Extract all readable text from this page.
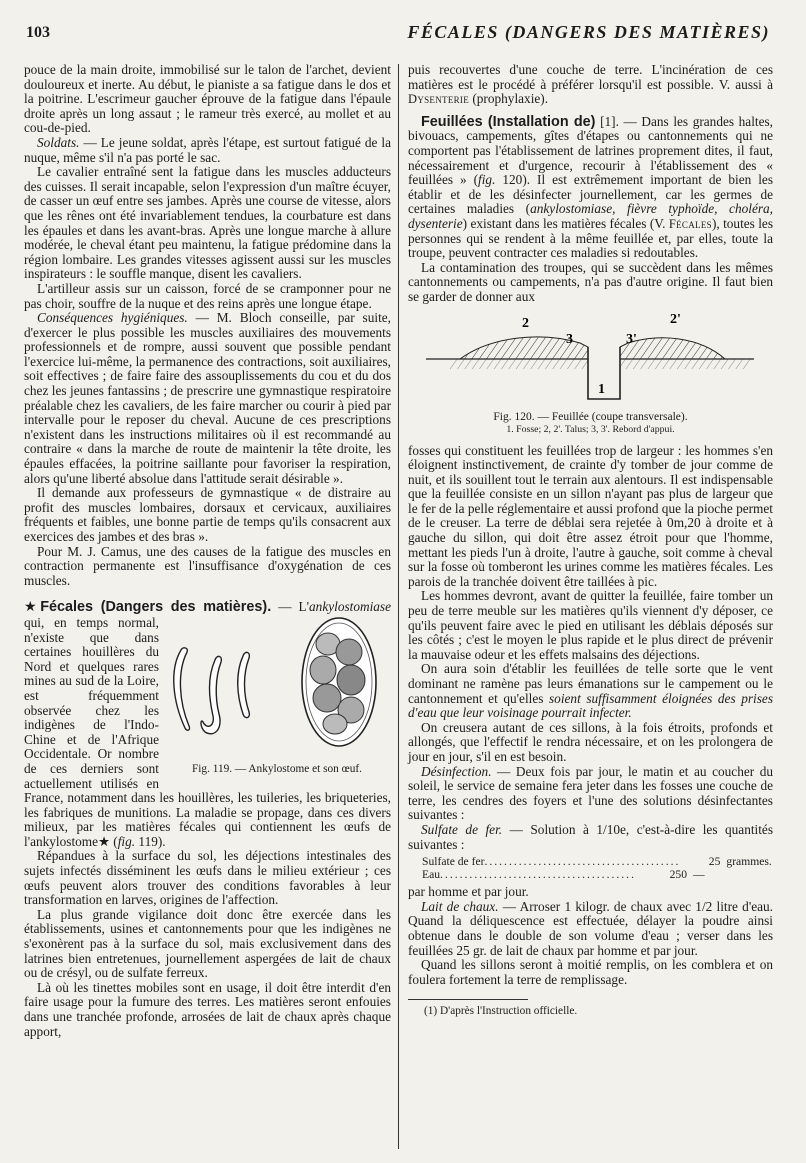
103	FÉCALES (DANGERS DES MATIÈRES)

pouce de la main droite, immobilisé sur le talon de l'archet, devient douloureux et inerte. Au début, le pianiste a sa fatigue dans le dos et la poitrine. L'escrimeur gaucher éprouve de la fatigue dans l'épaule droite après un long assaut ; le rameur très exercé, au mollet et au cou-de-pied.

Soldats. — Le jeune soldat, après l'étape, est surtout fatigué de la nuque, même s'il n'a pas porté le sac.

Le cavalier entraîné sent la fatigue dans les muscles adducteurs des cuisses. Il serait incapable, selon l'expression d'un maître écuyer, de casser un œuf entre ses jambes. Après une course de vitesse, alors que les rênes ont été invariablement tendues, la courbature est dans les épaules et dans les avant-bras. Après une longue marche à allure modérée, le cheval étant peu maintenu, la fatigue prédomine dans la région lombaire. Les grandes vitesses agissent aussi sur les muscles inspirateurs : le souffle manque, disent les cavaliers.

L'artilleur assis sur un caisson, forcé de se cramponner pour ne pas choir, souffre de la nuque et des reins après une longue étape.

Conséquences hygiéniques. — M. Bloch conseille, par suite, d'exercer le plus possible les muscles auxiliaires des mouvements professionnels et de rompre, aussi souvent que possible pendant l'exercice lui-même, la permanence des contractions, soit auxiliaires, soit effectives ; de faire faire des assouplissements du cou et du dos chez les jeunes fantassins ; de prescrire une gymnastique respiratoire préalable chez les cavaliers, de les faire marcher ou courir à pied par intervalle pour le reposer du cheval. Aucune de ces prescriptions n'existent dans les instructions militaires où il est recommandé au contraire « dans la marche de route de maintenir la tête droite, les épaules effacées, la poitrine saillante pour favoriser la respiration, alors qu'une liberté absolue dans l'attitude serait désirable ».

Il demande aux professeurs de gymnastique « de distraire au profit des muscles lombaires, dorsaux et cervicaux, auxiliaires fréquents et faibles, une bonne partie de temps qu'ils consacrent aux exercices des jambes et des bras ».

Pour M. J. Camus, une des causes de la fatigue des muscles en contraction permanente est l'insuffisance d'oxygénation de ces muscles.

★Fécales (Dangers des matières). — L'ankylostomiase
Fig. 119. — Ankylostome et son œuf.
qui, en temps normal, n'existe que dans certaines houillères du Nord et quelques rares mines au sud de la Loire, est fréquemment observée chez les indigènes de l'Indo-Chine et de l'Afrique Occidentale. Or nombre de ces derniers sont actuellement utilisés en France, notamment dans les houillères, les tuileries, les briqueteries, les fabriques de munitions. La maladie se propage, dans ces divers milieux, par les matières fécales qui contiennent les œufs de l'ankylostome★ (fig. 119).

Répandues à la surface du sol, les déjections intestinales des sujets infectés disséminent les œufs dans le milieu extérieur ; ces œufs peuvent alors trouver des conditions favorables à leur transformation en larves, origines de l'affection.

La plus grande vigilance doit donc être exercée dans les établissements, usines et cantonnements pour que les indigènes ne s'exonèrent pas à la surface du sol, mais exclusivement dans des latrines bien entretenues, journellement aspergées de lait de chaux ou de crésyl, ou de sulfate ferreux.

Là où les tinettes mobiles sont en usage, il doit être interdit d'en faire usage pour la fumure des terres. Les matières seront enfouies dans une tranchée profonde, arrosées de lait de chaux après chaque apport,

puis recouvertes d'une couche de terre. L'incinération de ces matières est le procédé à préférer lorsqu'il est possible. V. aussi à Dysenterie (prophylaxie).

Feuillées (Installation de) [1]. — Dans les grandes haltes, bivouacs, campements, gîtes d'étapes ou cantonnements qui ne comportent pas l'établissement de latrines proprement dites, il faut, nécessairement et d'urgence, recourir à l'établissement des « feuillées » (fig. 120). Il est extrêmement important de bien les établir et de les désinfecter journellement, car les germes de certaines maladies (ankylostomiase, fièvre typhoïde, choléra, dysenterie) existant dans les matières fécales (V. Fécales), toutes les personnes qui se rendent à la même feuillée et, par elles, toute la troupe, peuvent contracter ces maladies si redoutables.

La contamination des troupes, qui se succèdent dans les mêmes cantonnements ou campements, n'a pas d'autre origine. Il faut bien se garder de donner aux

2
3	3'
2'
1

Fig. 120. — Feuillée (coupe transversale).

1. Fosse; 2, 2'. Talus; 3, 3'. Rebord d'appui.

fosses qui constituent les feuillées trop de largeur : les hommes s'en éloignent instinctivement, de crainte d'y tomber de jour comme de nuit, et ils souillent tout le terrain aux alentours. Il est indispensable que la feuillée consiste en un sillon n'ayant pas plus de largeur que le fer de la pelle réglementaire et aussi profond que la pioche permet de le creuser. La terre de déblai sera rejetée à 0m,20 à droite et à gauche du sillon, qui doit être assez étroit pour que l'homme, mettant les pieds l'un à droite, l'autre à gauche, soit comme à cheval sur la fosse où tomberont les urines comme les matières fécales. Les parois de la tranchée doivent être taillées à pic.

Les hommes devront, avant de quitter la feuillée, faire tomber un peu de terre meuble sur les matières qu'ils viennent d'y déposer, ce qu'ils peuvent faire avec le pied en utilisant les déblais déposés sur les côtés ; c'est le moyen le plus rapide et le plus direct de prévenir la mauvaise odeur et les effets malsains des déjections.

On aura soin d'établir les feuillées de telle sorte que le vent dominant ne ramène pas leurs émanations sur le campement ou le cantonnement et qu'elles soient suffisamment éloignées des prises d'eau que leur voisinage pourrait infecter.

On creusera autant de ces sillons, à la fois étroits, profonds et allongés, que l'effectif le rendra nécessaire, et on les prolongera de jour en jour, s'il en est besoin.

Désinfection. — Deux fois par jour, le matin et au coucher du soleil, le service de semaine fera jeter dans les fosses une couche de terre, les cendres des foyers et l'une des solutions désinfectantes suivantes :

Sulfate de fer. — Solution à 1/10e, c'est-à-dire les quantités suivantes :

Sulfate de fer ........................................	25 grammes.
Eau ........................................	250 —

par homme et par jour.

Lait de chaux. — Arroser 1 kilogr. de chaux avec 1/2 litre d'eau. Quand la déliquescence est effectuée, délayer la poudre ainsi obtenue dans le double de son volume d'eau ; verser dans les feuillées 25 gr. de lait de chaux par homme et par jour.

Quand les sillons seront à moitié remplis, on les comblera et on foulera fortement la terre de remplissage.

(1) D'après l'Instruction officielle.
